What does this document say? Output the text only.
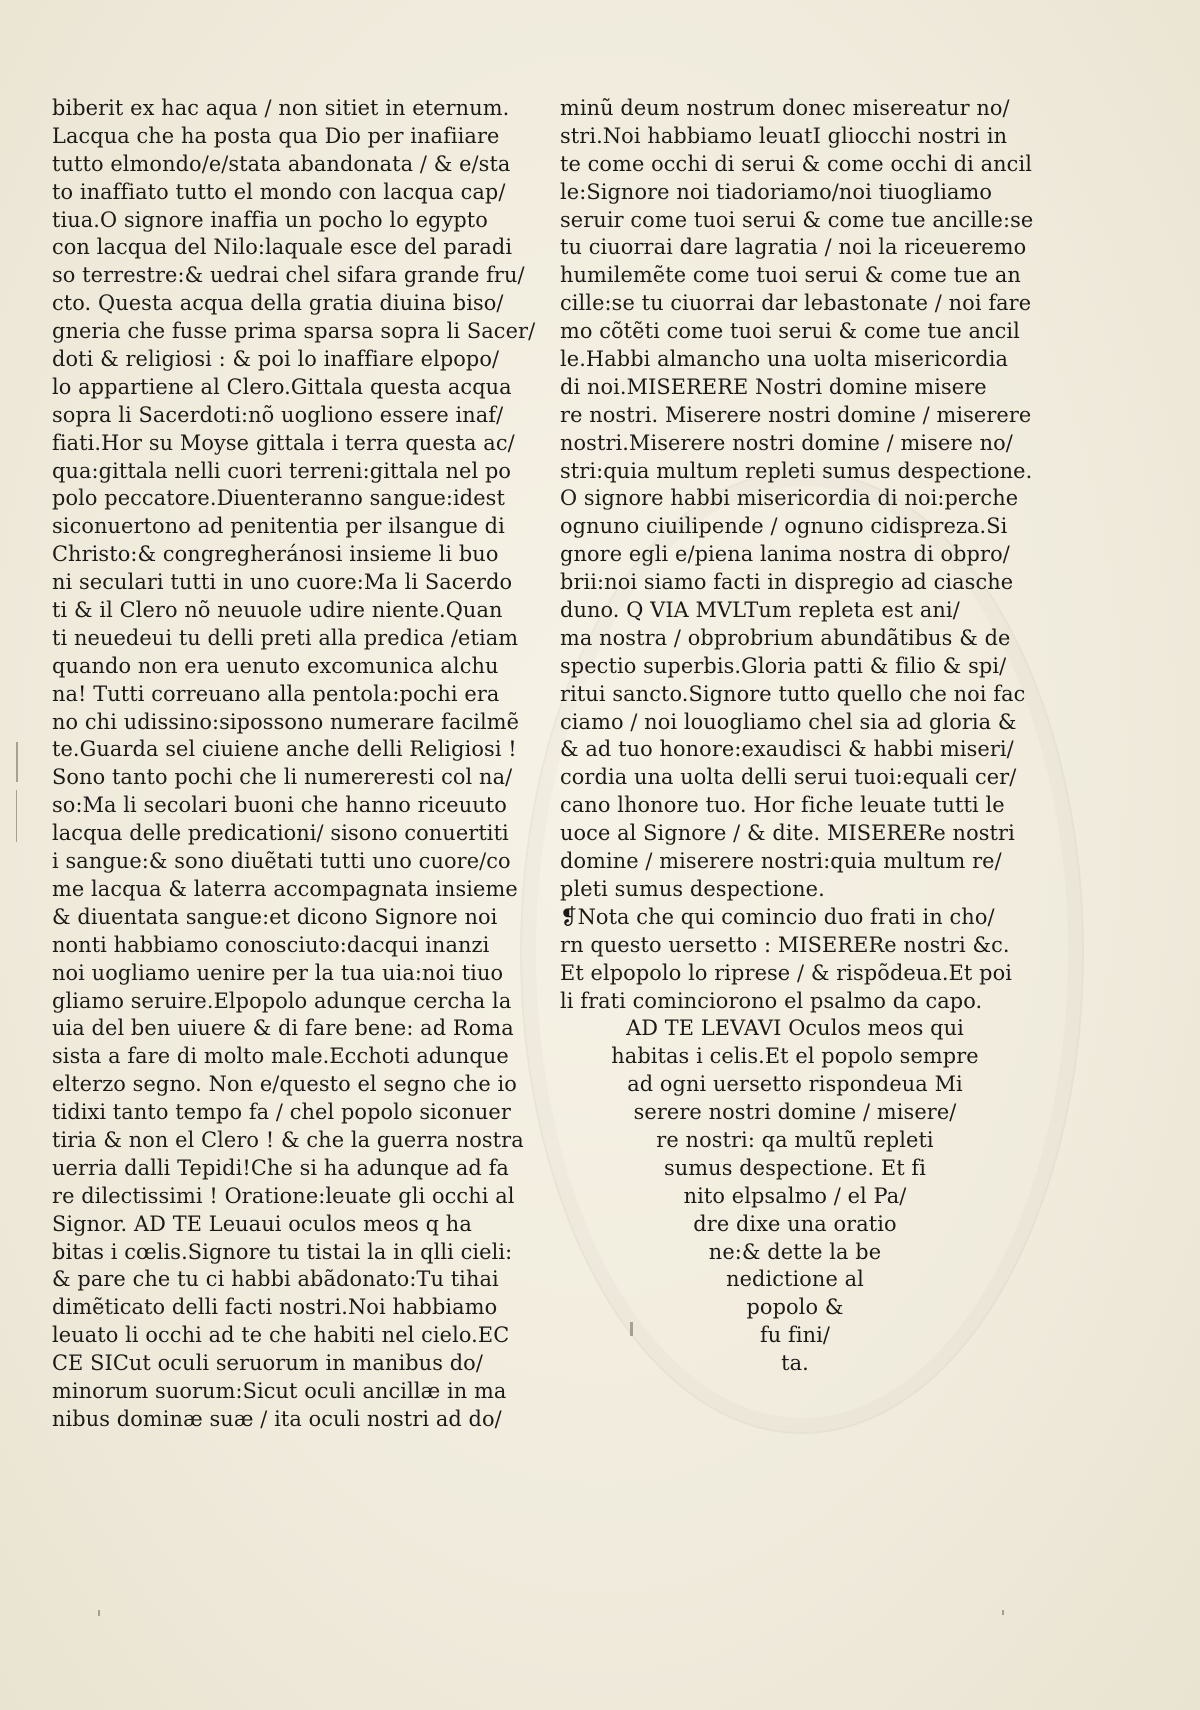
biberit ex hac aqua / non sitiet in eternum.
Lacqua che ha posta qua Dio per inafiiare
tutto elmondo/e/stata abandonata / & e/sta
to inaffiato tutto el mondo con lacqua cap/
tiua.O signore inaffia un pocho lo egypto
con lacqua del Nilo:laquale esce del paradi
so terrestre:& uedrai chel sifara grande fru/
cto. Questa acqua della gratia diuina biso/
gneria che fusse prima sparsa sopra li Sacer/
doti & religiosi : & poi lo inaffiare elpopo/
lo appartiene al Clero.Gittala questa acqua
sopra li Sacerdoti:nõ uogliono essere inaf/
fiati.Hor su Moyse gittala i terra questa ac/
qua:gittala nelli cuori terreni:gittala nel po
polo peccatore.Diuenteranno sangue:idest
siconuertono ad penitentia per ilsangue di
Christo:& congregheránosi insieme li buo
ni seculari tutti in uno cuore:Ma li Sacerdo
ti & il Clero nõ neuuole udire niente.Quan
ti neuedeui tu delli preti alla predica /etiam
quando non era uenuto excomunica alchu
na! Tutti correuano alla pentola:pochi era
no chi udissino:sipossono numerare facilmẽ
te.Guarda sel ciuiene anche delli Religiosi !
Sono tanto pochi che li numereresti col na/
so:Ma li secolari buoni che hanno riceuuto
lacqua delle predicationi/ sisono conuertiti
i sangue:& sono diuẽtati tutti uno cuore/co
me lacqua & laterra accompagnata insieme
& diuentata sangue:et dicono Signore noi
nonti habbiamo conosciuto:dacqui inanzi
noi uogliamo uenire per la tua uia:noi tiuo
gliamo seruire.Elpopolo adunque cercha la
uia del ben uiuere & di fare bene: ad Roma
sista a fare di molto male.Ecchoti adunque
elterzo segno. Non e/questo el segno che io
tidixi tanto tempo fa / chel popolo siconuer
tiria & non el Clero ! & che la guerra nostra
uerria dalli Tepidi!Che si ha adunque ad fa
re dilectissimi ! Oratione:leuate gli occhi al
Signor. AD TE Leuaui oculos meos q ha
bitas i cœlis.Signore tu tistai la in qlli cieli:
& pare che tu ci habbi abãdonato:Tu tihai
dimẽticato delli facti nostri.Noi habbiamo
leuato li occhi ad te che habiti nel cielo.EC
CE SICut oculi seruorum in manibus do/
minorum suorum:Sicut oculi ancillæ in ma
nibus dominæ suæ / ita oculi nostri ad do/
minũ deum nostrum donec misereatur no/
stri.Noi habbiamo leuatI gliocchi nostri in
te come occhi di serui & come occhi di ancil
le:Signore noi tiadoriamo/noi tiuogliamo
seruir come tuoi serui & come tue ancille:se
tu ciuorrai dare lagratia / noi la riceueremo
humilemẽte come tuoi serui & come tue an
cille:se tu ciuorrai dar lebastonate / noi fare
mo cõtẽti come tuoi serui & come tue ancil
le.Habbi almancho una uolta misericordia
di noi.MISERERE Nostri domine misere
re nostri. Miserere nostri domine / miserere
nostri.Miserere nostri domine / misere no/
stri:quia multum repleti sumus despectione.
O signore habbi misericordia di noi:perche
ognuno ciuilipende / ognuno cidispreza.Si
gnore egli e/piena lanima nostra di obpro/
brii:noi siamo facti in dispregio ad ciasche
duno. Q VIA MVLTum repleta est ani/
ma nostra / obprobrium abundãtibus & de
spectio superbis.Gloria patti & filio & spi/
ritui sancto.Signore tutto quello che noi fac
ciamo / noi louogliamo chel sia ad gloria &
& ad tuo honore:exaudisci & habbi miseri/
cordia una uolta delli serui tuoi:equali cer/
cano lhonore tuo. Hor fiche leuate tutti le
uoce al Signore / & dite. MISERERe nostri
domine / miserere nostri:quia multum re/
pleti sumus despectione.
❡Nota che qui comincio duo frati in cho/
rn questo uersetto : MISERERe nostri &c.
Et elpopolo lo riprese / & rispõdeua.Et poi
li frati cominciorono el psalmo da capo.
AD TE LEVAVI Oculos meos qui
habitas i celis.Et el popolo sempre
ad ogni uersetto rispondeua Mi
serere nostri domine / misere/
re nostri: qa multũ repleti
sumus despectione. Et fi
nito elpsalmo / el Pa/
dre dixe una oratio
ne:& dette la be
nedictione al
popolo &
fu fini/
ta.
